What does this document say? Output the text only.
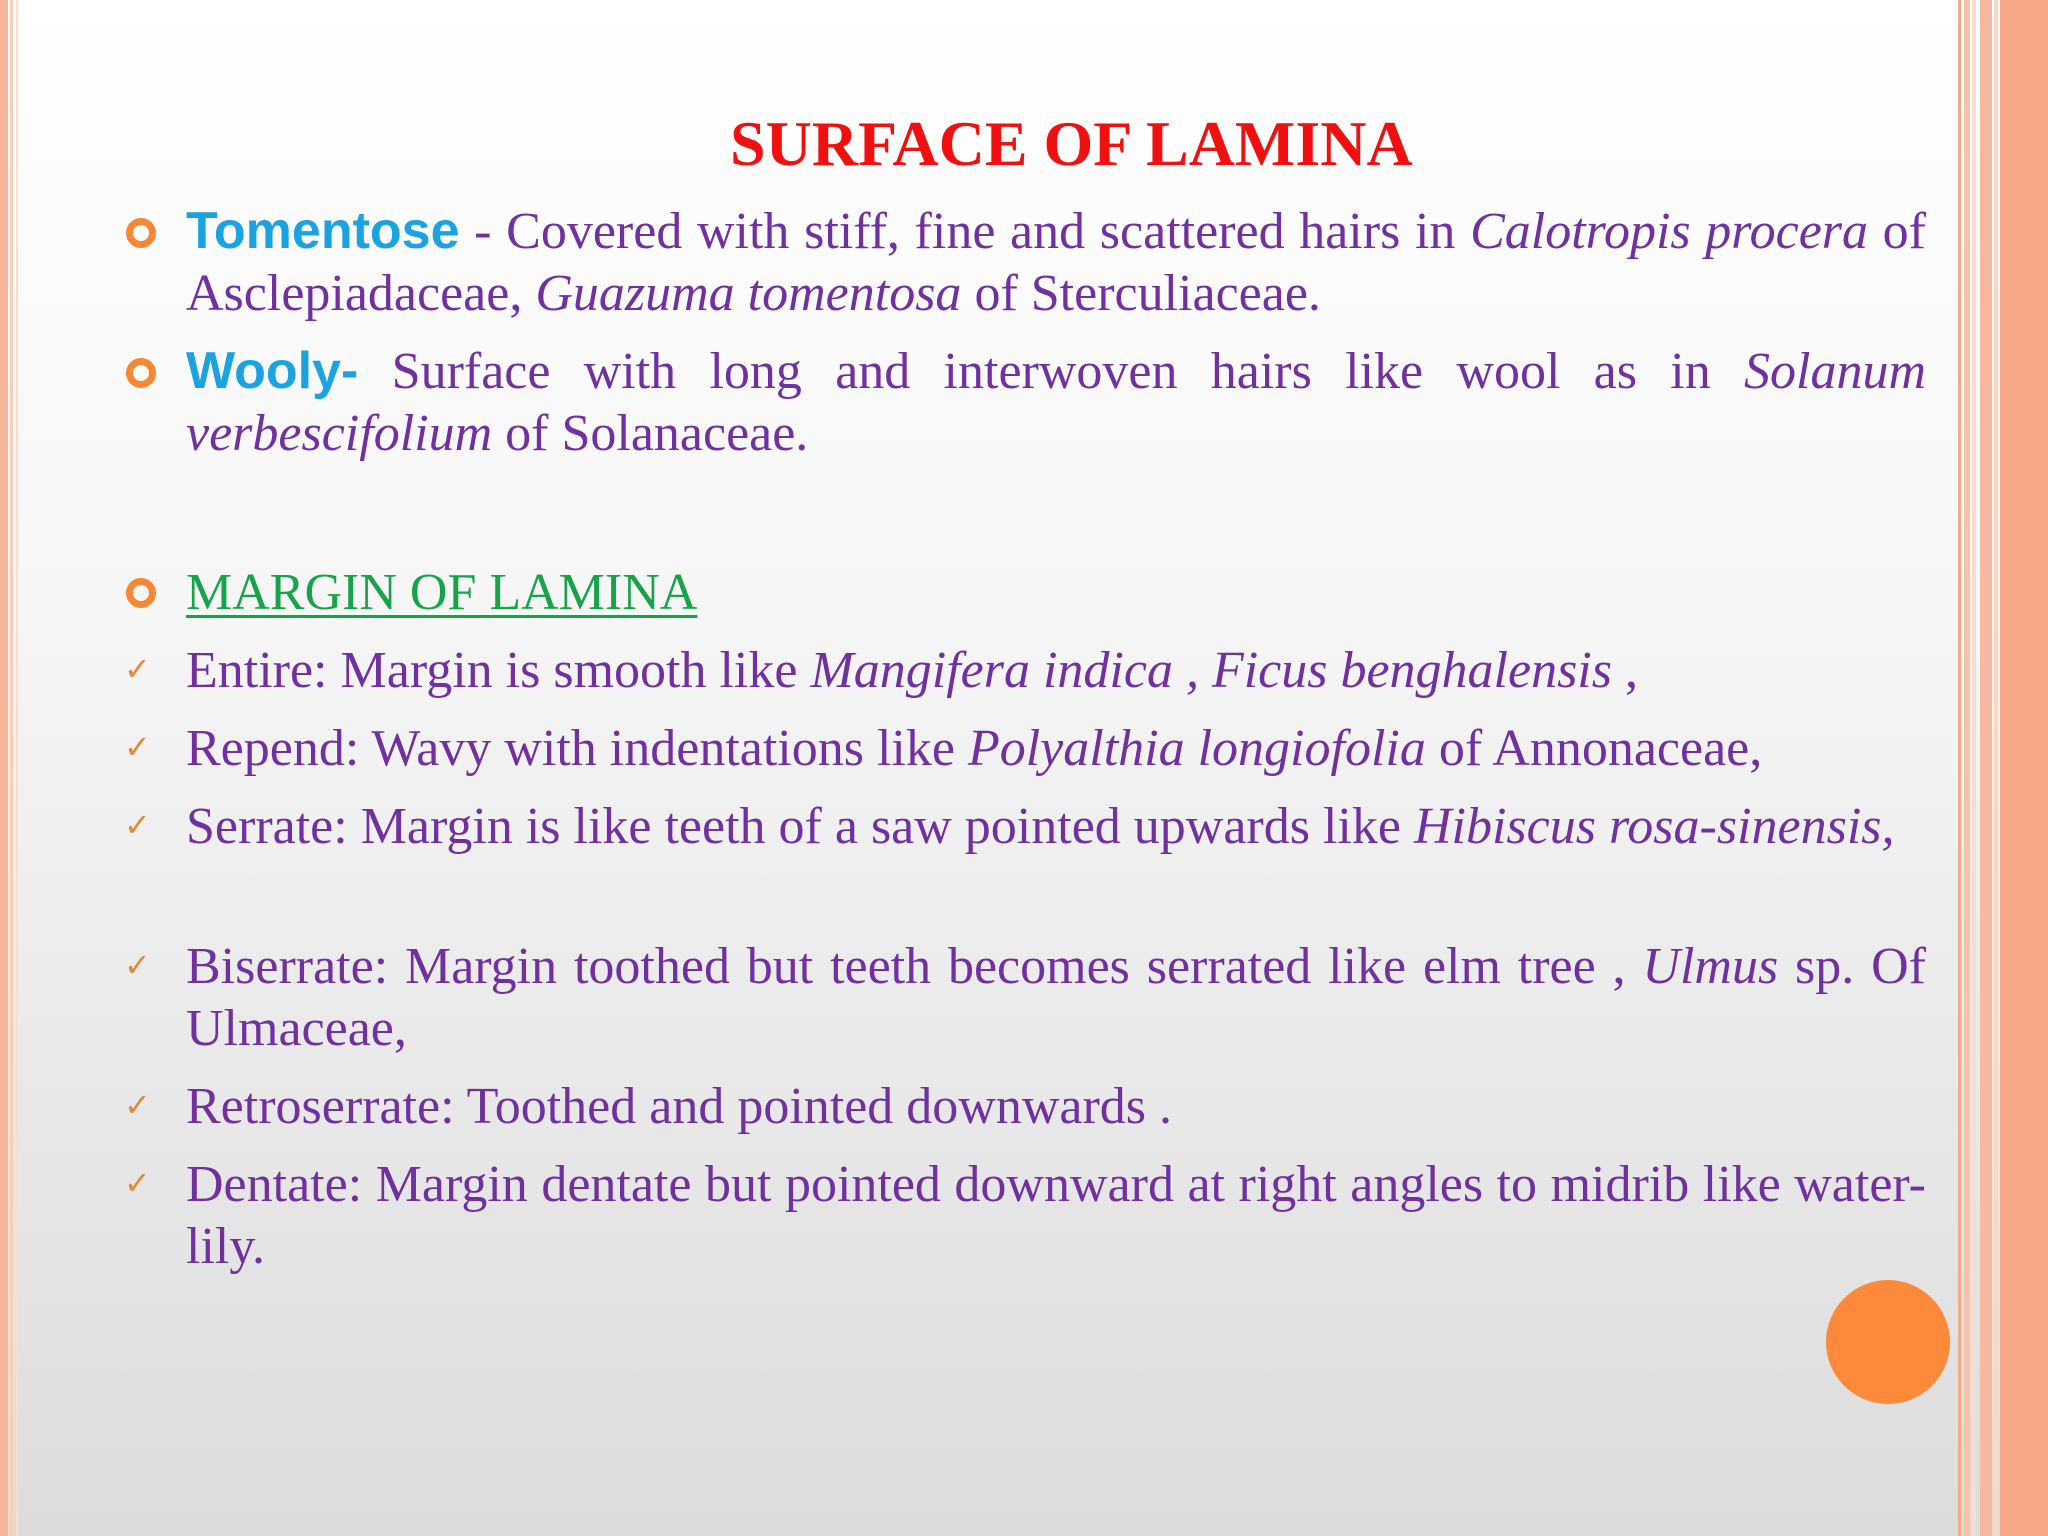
SURFACE OF LAMINA
Tomentose - Covered with stiff, fine and scattered hairs in Calotropis procera of Asclepiadaceae, Guazuma tomentosa of Sterculiaceae.
Wooly- Surface with long and interwoven hairs like wool as in Solanum verbescifolium of Solanaceae.
MARGIN OF LAMINA
✓ Entire: Margin is smooth like Mangifera indica , Ficus benghalensis ,
✓ Repend: Wavy with indentations like Polyalthia longiofolia of Annonaceae,
✓ Serrate: Margin is like teeth of a saw pointed upwards like Hibiscus rosa-sinensis,
✓ Biserrate: Margin toothed but teeth becomes serrated like elm tree , Ulmus sp. Of Ulmaceae,
✓ Retroserrate: Toothed and pointed downwards .
✓ Dentate: Margin dentate but pointed downward at right angles to midrib like water-lily.
